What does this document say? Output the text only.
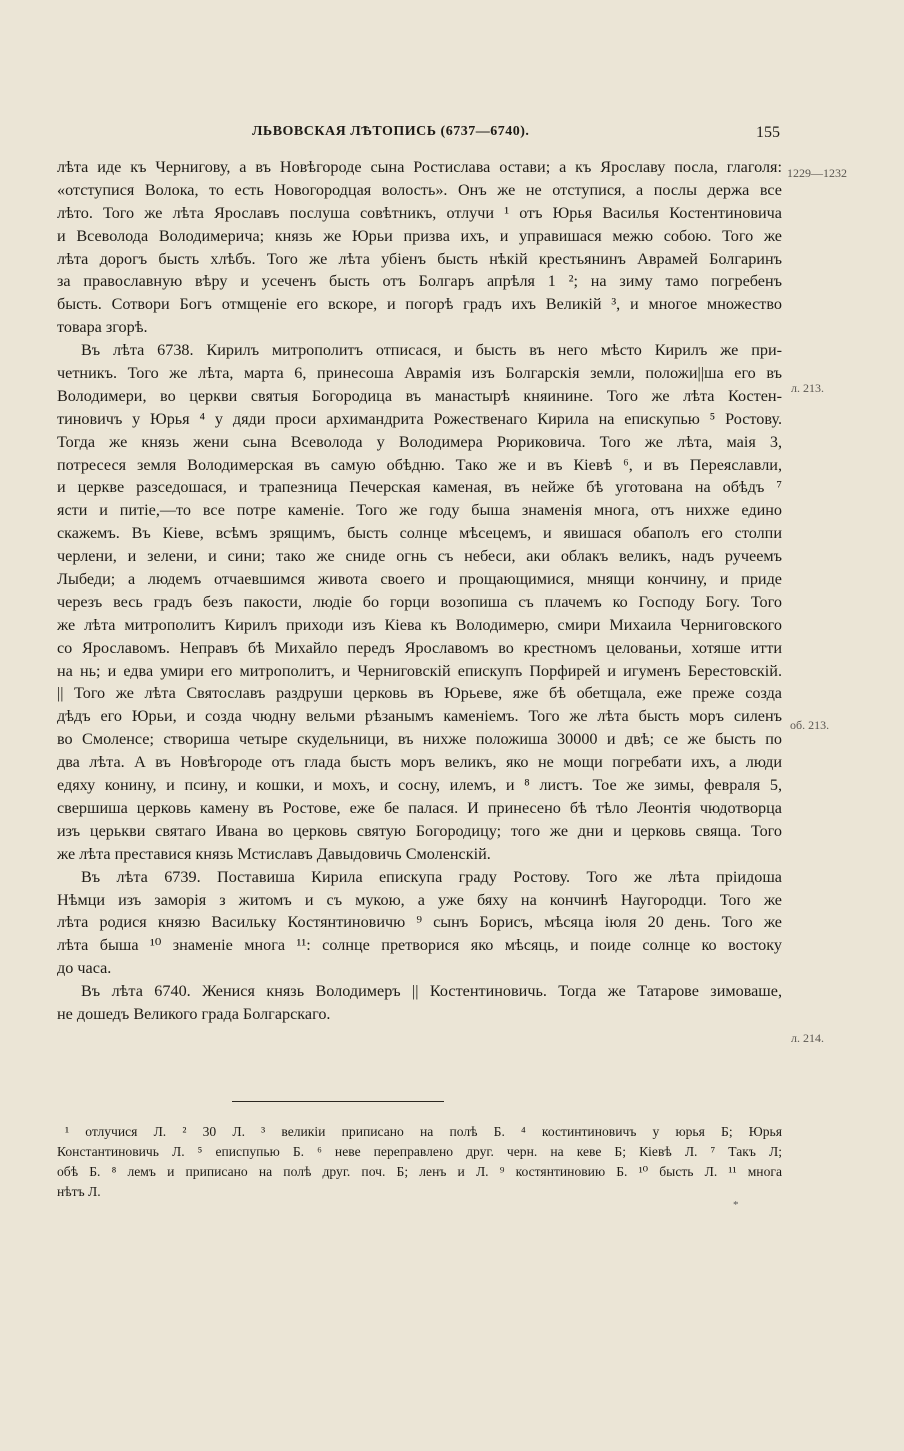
ЛЬВОВСКАЯ ЛѢТОПИСЬ (6737—6740).	155
1229—1232
л. 213.
об. 213.
л. 214.
лѣта иде къ Чернигову, а въ Новѣгороде сына Ростислава остави; а къ Ярославу посла, глаголя:
«отступися Волока, то есть Новогородцая волость». Онъ же не отступися, а послы держа все
лѣто. Того же лѣта Ярославъ послуша совѣтникъ, отлучи ¹ отъ Юрья Василья Костентиновича
и Всеволода Володимерича; князь же Юрьи призва ихъ, и управишася межю собою. Того же
лѣта дорогъ бысть хлѣбъ. Того же лѣта убіенъ бысть нѣкій крестьянинъ Аврамей Болгаринъ
за православную вѣру и усеченъ бысть отъ Болгаръ апрѣля 1 ²; на зиму тамо погребенъ
бысть. Сотвори Богъ отмщеніе его вскоре, и погорѣ градъ ихъ Великій ³, и многое множество
товара згорѣ.
Въ лѣта 6738. Кирилъ митрополитъ отписася, и бысть въ него мѣсто Кирилъ же при-
четникъ. Того же лѣта, марта 6, принесоша Аврамія изъ Болгарскія земли, положи||ша его въ
Володимери, во церкви святыя Богородица въ манастырѣ княинине. Того же лѣта Костен-
тиновичъ у Юрья ⁴ у дяди проси архимандрита Рожественаго Кирила на епискупью ⁵ Ростову.
Тогда же князь жени сына Всеволода у Володимера Рюриковича. Того же лѣта, маія 3,
потресеся земля Володимерская въ самую обѣдню. Тако же и въ Кіевѣ ⁶, и въ Переяславли,
и церкве разседошася, и трапезница Печерская каменая, въ нейже бѣ уготована на обѣдъ ⁷
ясти и питіе,—то все потре каменіе. Того же году быша знаменія многа, отъ нихже едино
скажемъ. Въ Кіеве, всѣмъ зрящимъ, бысть солнце мѣсецемъ, и явишася обаполъ его столпи
черлени, и зелени, и сини; тако же сниде огнь съ небеси, аки облакъ великъ, надъ ручеемъ
Лыбеди; а людемъ отчаевшимся живота своего и прощающимися, мнящи кончину, и приде
черезъ весь градъ безъ пакости, людіе бо горци возопиша съ плачемъ ко Господу Богу. Того
же лѣта митрополитъ Кирилъ приходи изъ Кіева къ Володимерю, смири Михаила Черниговского
со Ярославомъ. Неправъ бѣ Михайло передъ Ярославомъ во крестномъ целованьи, хотяше итти
на нь; и едва умири его митрополитъ, и Черниговскій епискупъ Порфирей и игуменъ Берестовскій.
|| Того же лѣта Святославъ раздруши церковь въ Юрьеве, яже бѣ обетщала, еже преже созда
дѣдъ его Юрьи, и созда чюдну вельми рѣзанымъ каменіемъ. Того же лѣта бысть моръ силенъ
во Смоленсе; створиша четыре скудельници, въ нихже положиша 30000 и двѣ; се же бысть по
два лѣта. А въ Новѣгороде отъ глада бысть моръ великъ, яко не мощи погребати ихъ, а люди
едяху конину, и псину, и кошки, и мохъ, и сосну, илемъ, и ⁸ листъ. Тое же зимы, февраля 5,
свершиша церковь камену въ Ростове, еже бе палася. И принесено бѣ тѣло Леонтія чюдотворца
изъ церькви святаго Ивана во церковь святую Богородицу; того же дни и церковь свяща. Того
же лѣта преставися князь Мстиславъ Давыдовичь Смоленскій.
Въ лѣта 6739. Поставиша Кирила епискупа граду Ростову. Того же лѣта пріидоша
Нѣмци изъ заморія з житомъ и съ мукою, а уже бяху на кончинѣ Наугородци. Того же
лѣта родися князю Васильку Костянтиновичю ⁹ сынъ Борисъ, мѣсяца іюля 20 день. Того же
лѣта быша ¹⁰ знаменіе многа ¹¹: солнце претворися яко мѣсяць, и поиде солнце ко востоку
до часа.
Въ лѣта 6740. Женися князь Володимеръ || Костентиновичь. Тогда же Татарове зимоваше,
не дошедъ Великого града Болгарскаго.
¹ отлучися Л. ² 30 Л. ³ великіи приписано на полѣ Б. ⁴ костинтиновичъ у юрья Б; Юрья
Константиновичь Л. ⁵ епиcпупью Б. ⁶ неве переправлено друг. черн. на кеве Б; Кіевѣ Л. ⁷ Такъ Л;
обѣ Б. ⁸ лемъ и приписано на полѣ друг. поч. Б; ленъ и Л. ⁹ костянтиновию Б. ¹⁰ бысть Л. ¹¹ многа
нѣтъ Л.
*
